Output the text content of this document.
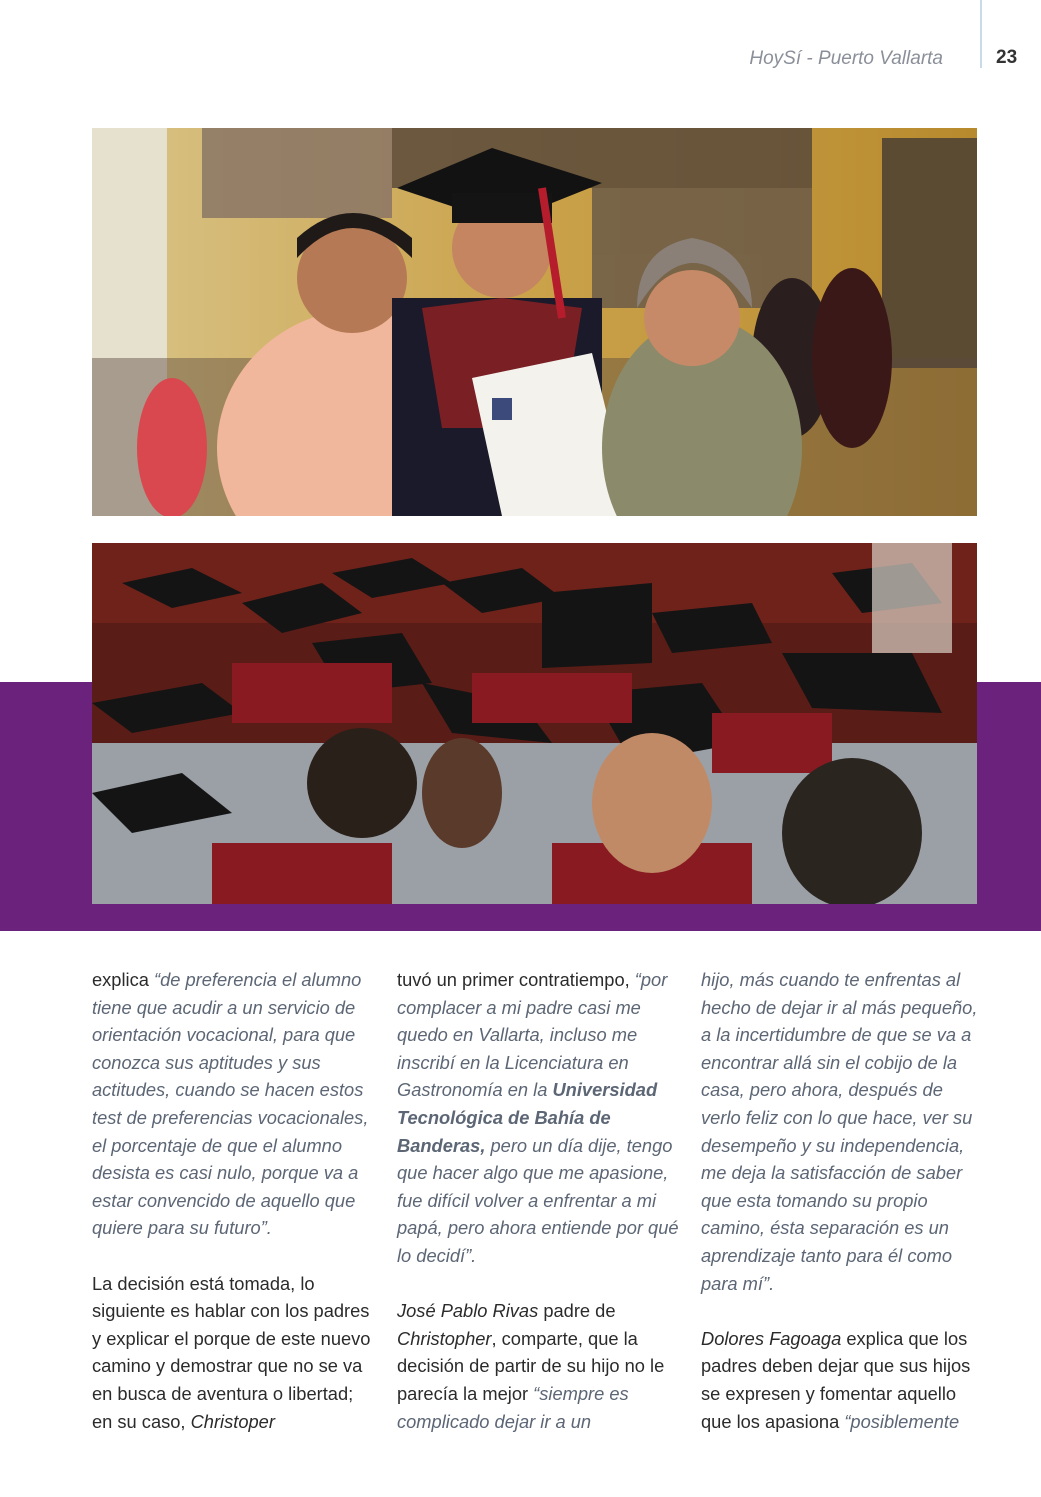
HoySí - Puerto Vallarta	23

explica “de preferencia el alumno tiene que acudir a un servicio de orientación vocacional, para que conozca sus aptitudes y sus actitudes, cuando se hacen estos test de preferencias vocacionales, el porcentaje de que el alumno desista es casi nulo, porque va a estar convencido de aquello que quiere para su futuro”.

La decisión está tomada, lo siguiente es hablar con los padres y explicar el porque de este nuevo camino y demostrar que no se va en busca de aventura o libertad; en su caso, Christoper

tuvó un primer contratiempo, “por complacer a mi padre casi me quedo en Vallarta, incluso me inscribí en la Licenciatura en Gastronomía en la Universidad Tecnológica de Bahía de Banderas, pero un día dije, tengo que hacer algo que me apasione, fue difícil volver a enfrentar a mi papá, pero ahora entiende por qué lo decidí”.

José Pablo Rivas padre de Christopher, comparte, que la decisión de partir de su hijo no le parecía la mejor “siempre es complicado dejar ir a un

hijo, más cuando te enfrentas al hecho de dejar ir al más pequeño, a la incertidumbre de que se va a encontrar allá sin el cobijo de la casa, pero ahora, después de verlo feliz con lo que hace, ver su desempeño y su independencia, me deja la satisfacción de saber que esta tomando su propio camino, ésta separación es un aprendizaje tanto para él como para mí”.

Dolores Fagoaga explica que los padres deben dejar que sus hijos se expresen y fomentar aquello que los apasiona “posiblemente
